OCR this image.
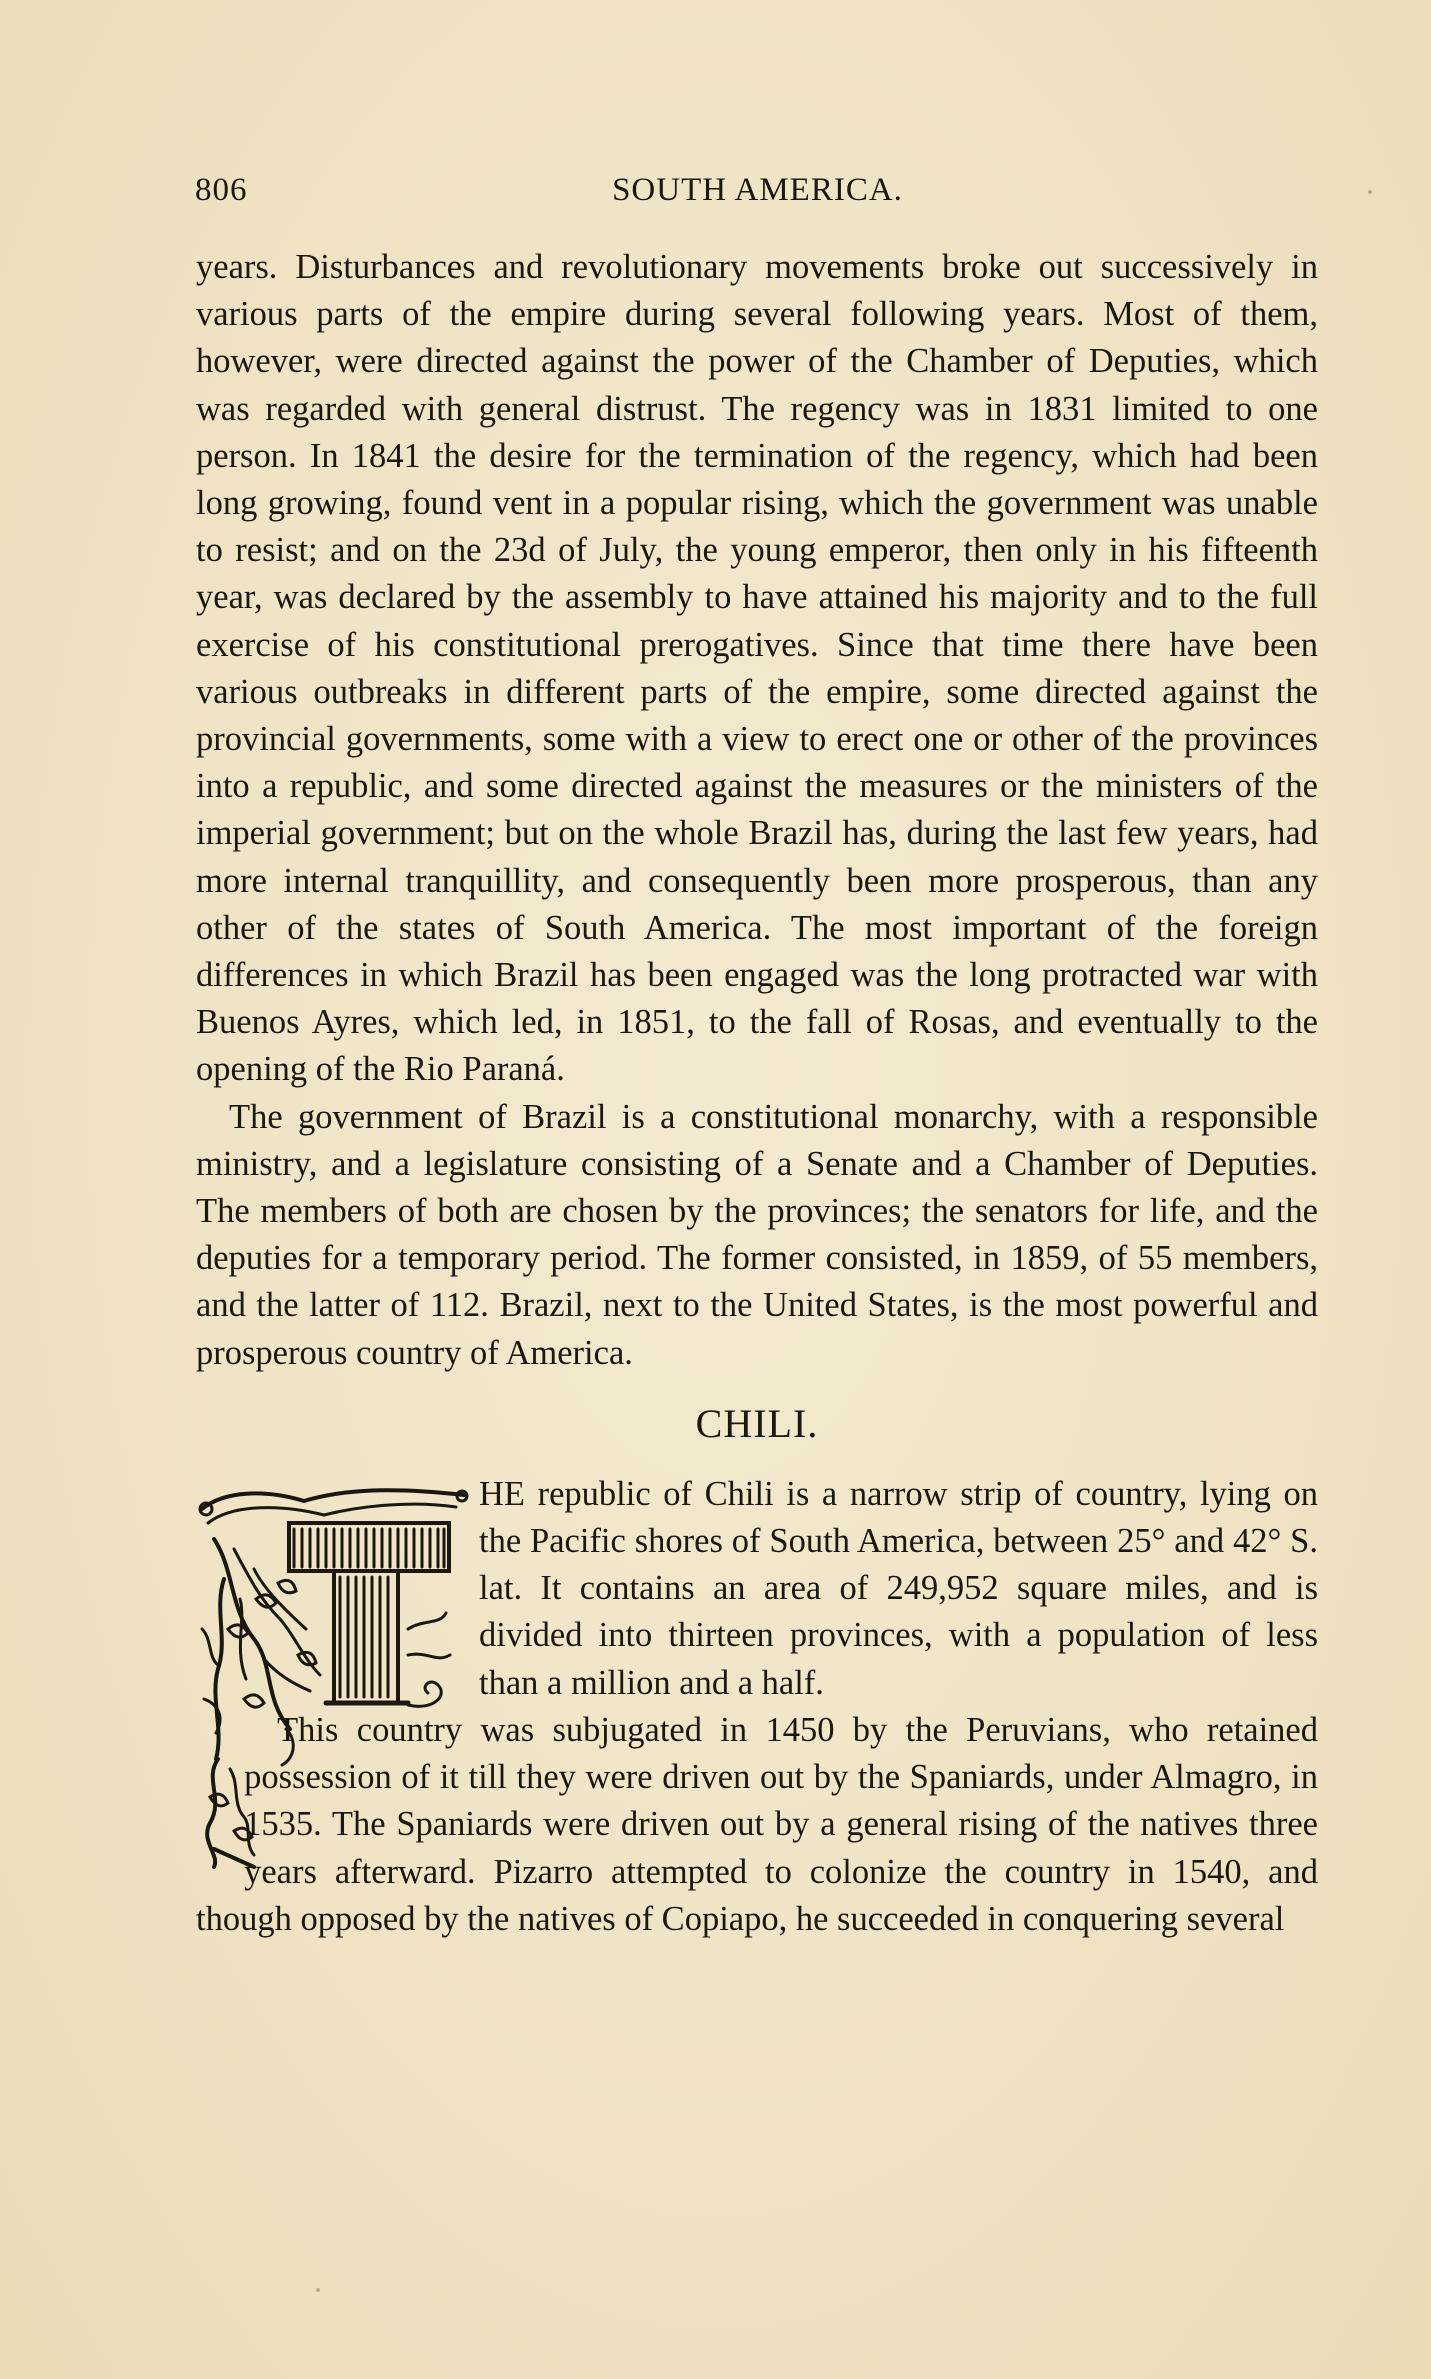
806	SOUTH AMERICA.

years. Disturbances and revolutionary movements broke out successively in various parts of the empire during several following years. Most of them, however, were directed against the power of the Chamber of Deputies, which was regarded with general distrust. The regency was in 1831 limited to one person. In 1841 the desire for the termination of the regency, which had been long growing, found vent in a popular rising, which the government was unable to resist; and on the 23d of July, the young emperor, then only in his fifteenth year, was declared by the assembly to have attained his majority and to the full exercise of his constitutional prerogatives. Since that time there have been various outbreaks in different parts of the empire, some directed against the provincial governments, some with a view to erect one or other of the provinces into a republic, and some directed against the measures or the ministers of the imperial government; but on the whole Brazil has, during the last few years, had more internal tranquillity, and consequently been more prosperous, than any other of the states of South America. The most important of the foreign differences in which Brazil has been engaged was the long protracted war with Buenos Ayres, which led, in 1851, to the fall of Rosas, and eventually to the opening of the Rio Paraná.

The government of Brazil is a constitutional monarchy, with a responsible ministry, and a legislature consisting of a Senate and a Chamber of Deputies. The members of both are chosen by the provinces; the senators for life, and the deputies for a temporary period. The former consisted, in 1859, of 55 members, and the latter of 112. Brazil, next to the United States, is the most powerful and prosperous country of America.

CHILI.

HE republic of Chili is a narrow strip of country, lying on the Pacific shores of South America, between 25° and 42° S. lat. It contains an area of 249,952 square miles, and is divided into thirteen provinces, with a population of less than a million and a half.

This country was subjugated in 1450 by the Peruvians, who retained possession of it till they were driven out by the Spaniards, under Almagro, in 1535. The Spaniards were driven out by a general rising of the natives three years afterward. Pizarro attempted to colonize the country in 1540, and though opposed by the natives of Copiapo, he succeeded in conquering several
